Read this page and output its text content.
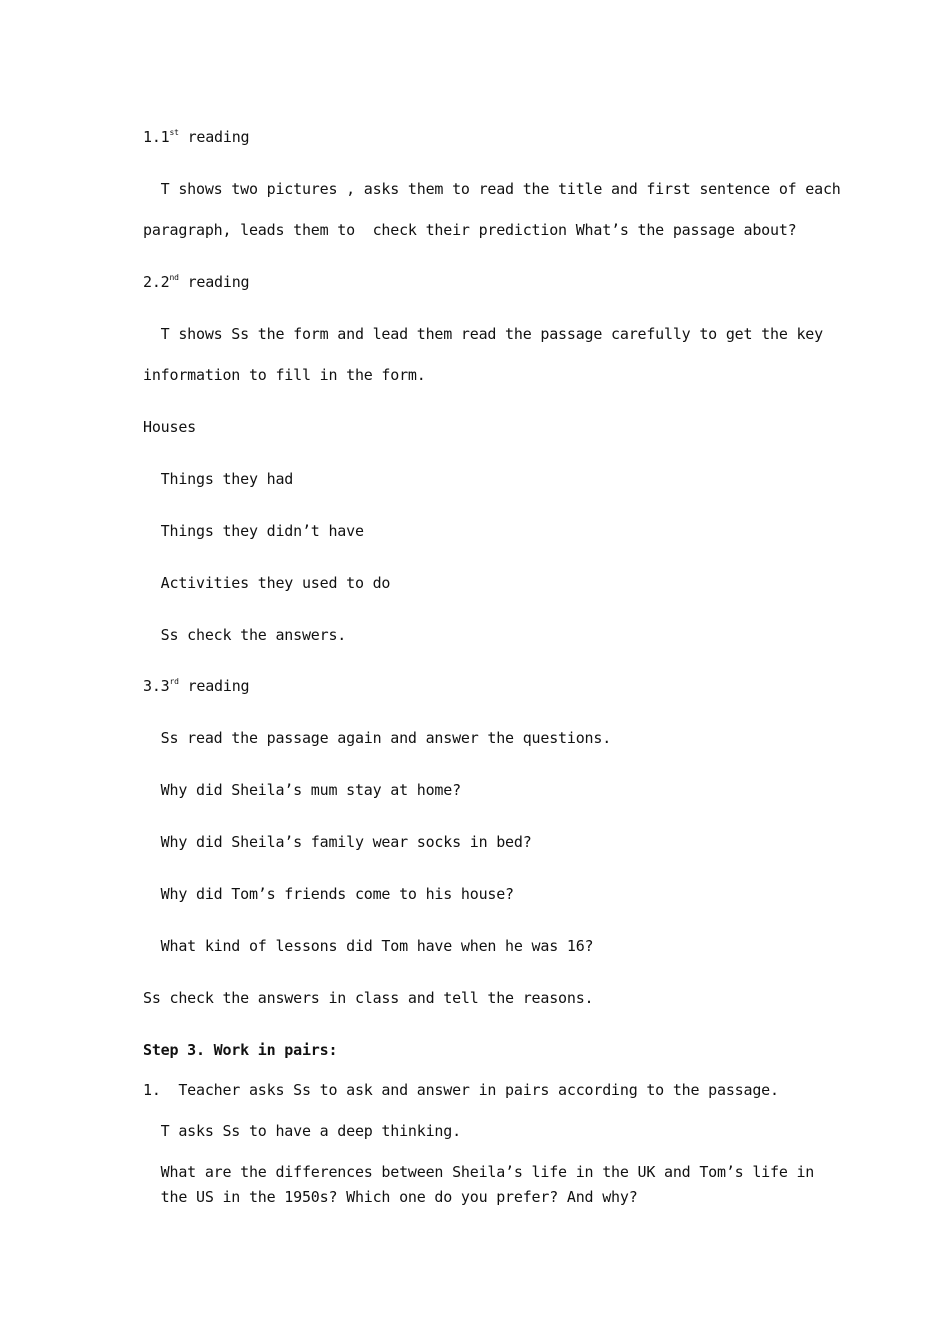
1.1st reading

T shows two pictures , asks them to read the title and first sentence of each

paragraph, leads them to  check their prediction What’s the passage about?

2.2nd reading

T shows Ss the form and lead them read the passage carefully to get the key

information to fill in the form.

Houses

Things they had

Things they didn’t have

Activities they used to do

Ss check the answers.

3.3rd reading

Ss read the passage again and answer the questions.

Why did Sheila’s mum stay at home?

Why did Sheila’s family wear socks in bed?

Why did Tom’s friends come to his house?

What kind of lessons did Tom have when he was 16?

Ss check the answers in class and tell the reasons.

Step 3. Work in pairs:

1.  Teacher asks Ss to ask and answer in pairs according to the passage.

T asks Ss to have a deep thinking.

What are the differences between Sheila’s life in the UK and Tom’s life in

the US in the 1950s? Which one do you prefer? And why?
